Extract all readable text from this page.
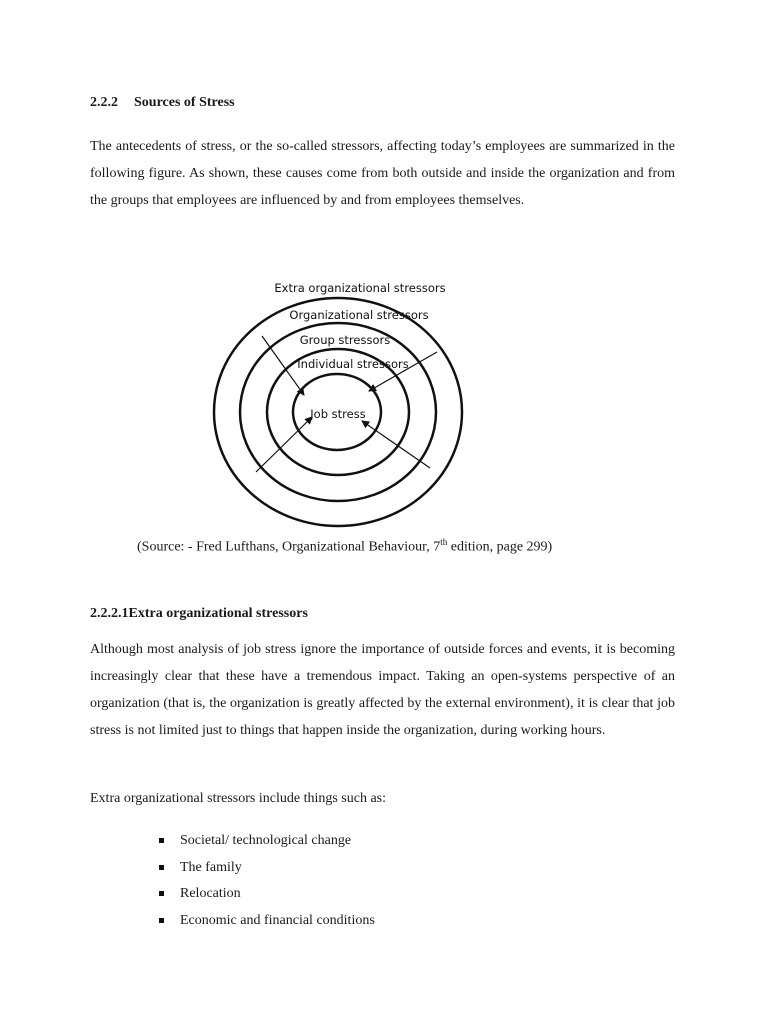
2.2.2 Sources of Stress
The antecedents of stress, or the so-called stressors, affecting today’s employees are summarized in the following figure. As shown, these causes come from both outside and inside the organization and from the groups that employees are influenced by and from employees themselves.
Extra organizational stressors
Organizational stressors
Group stressors
Individual stressors
Job stress
(Source: - Fred Lufthans, Organizational Behaviour, 7th edition, page 299)
2.2.2.1Extra organizational stressors
Although most analysis of job stress ignore the importance of outside forces and events, it is becoming increasingly clear that these have a tremendous impact. Taking an open-systems perspective of an organization (that is, the organization is greatly affected by the external environment), it is clear that job stress is not limited just to things that happen inside the organization, during working hours.
Extra organizational stressors include things such as:
Societal/ technological change
The family
Relocation
Economic and financial conditions
